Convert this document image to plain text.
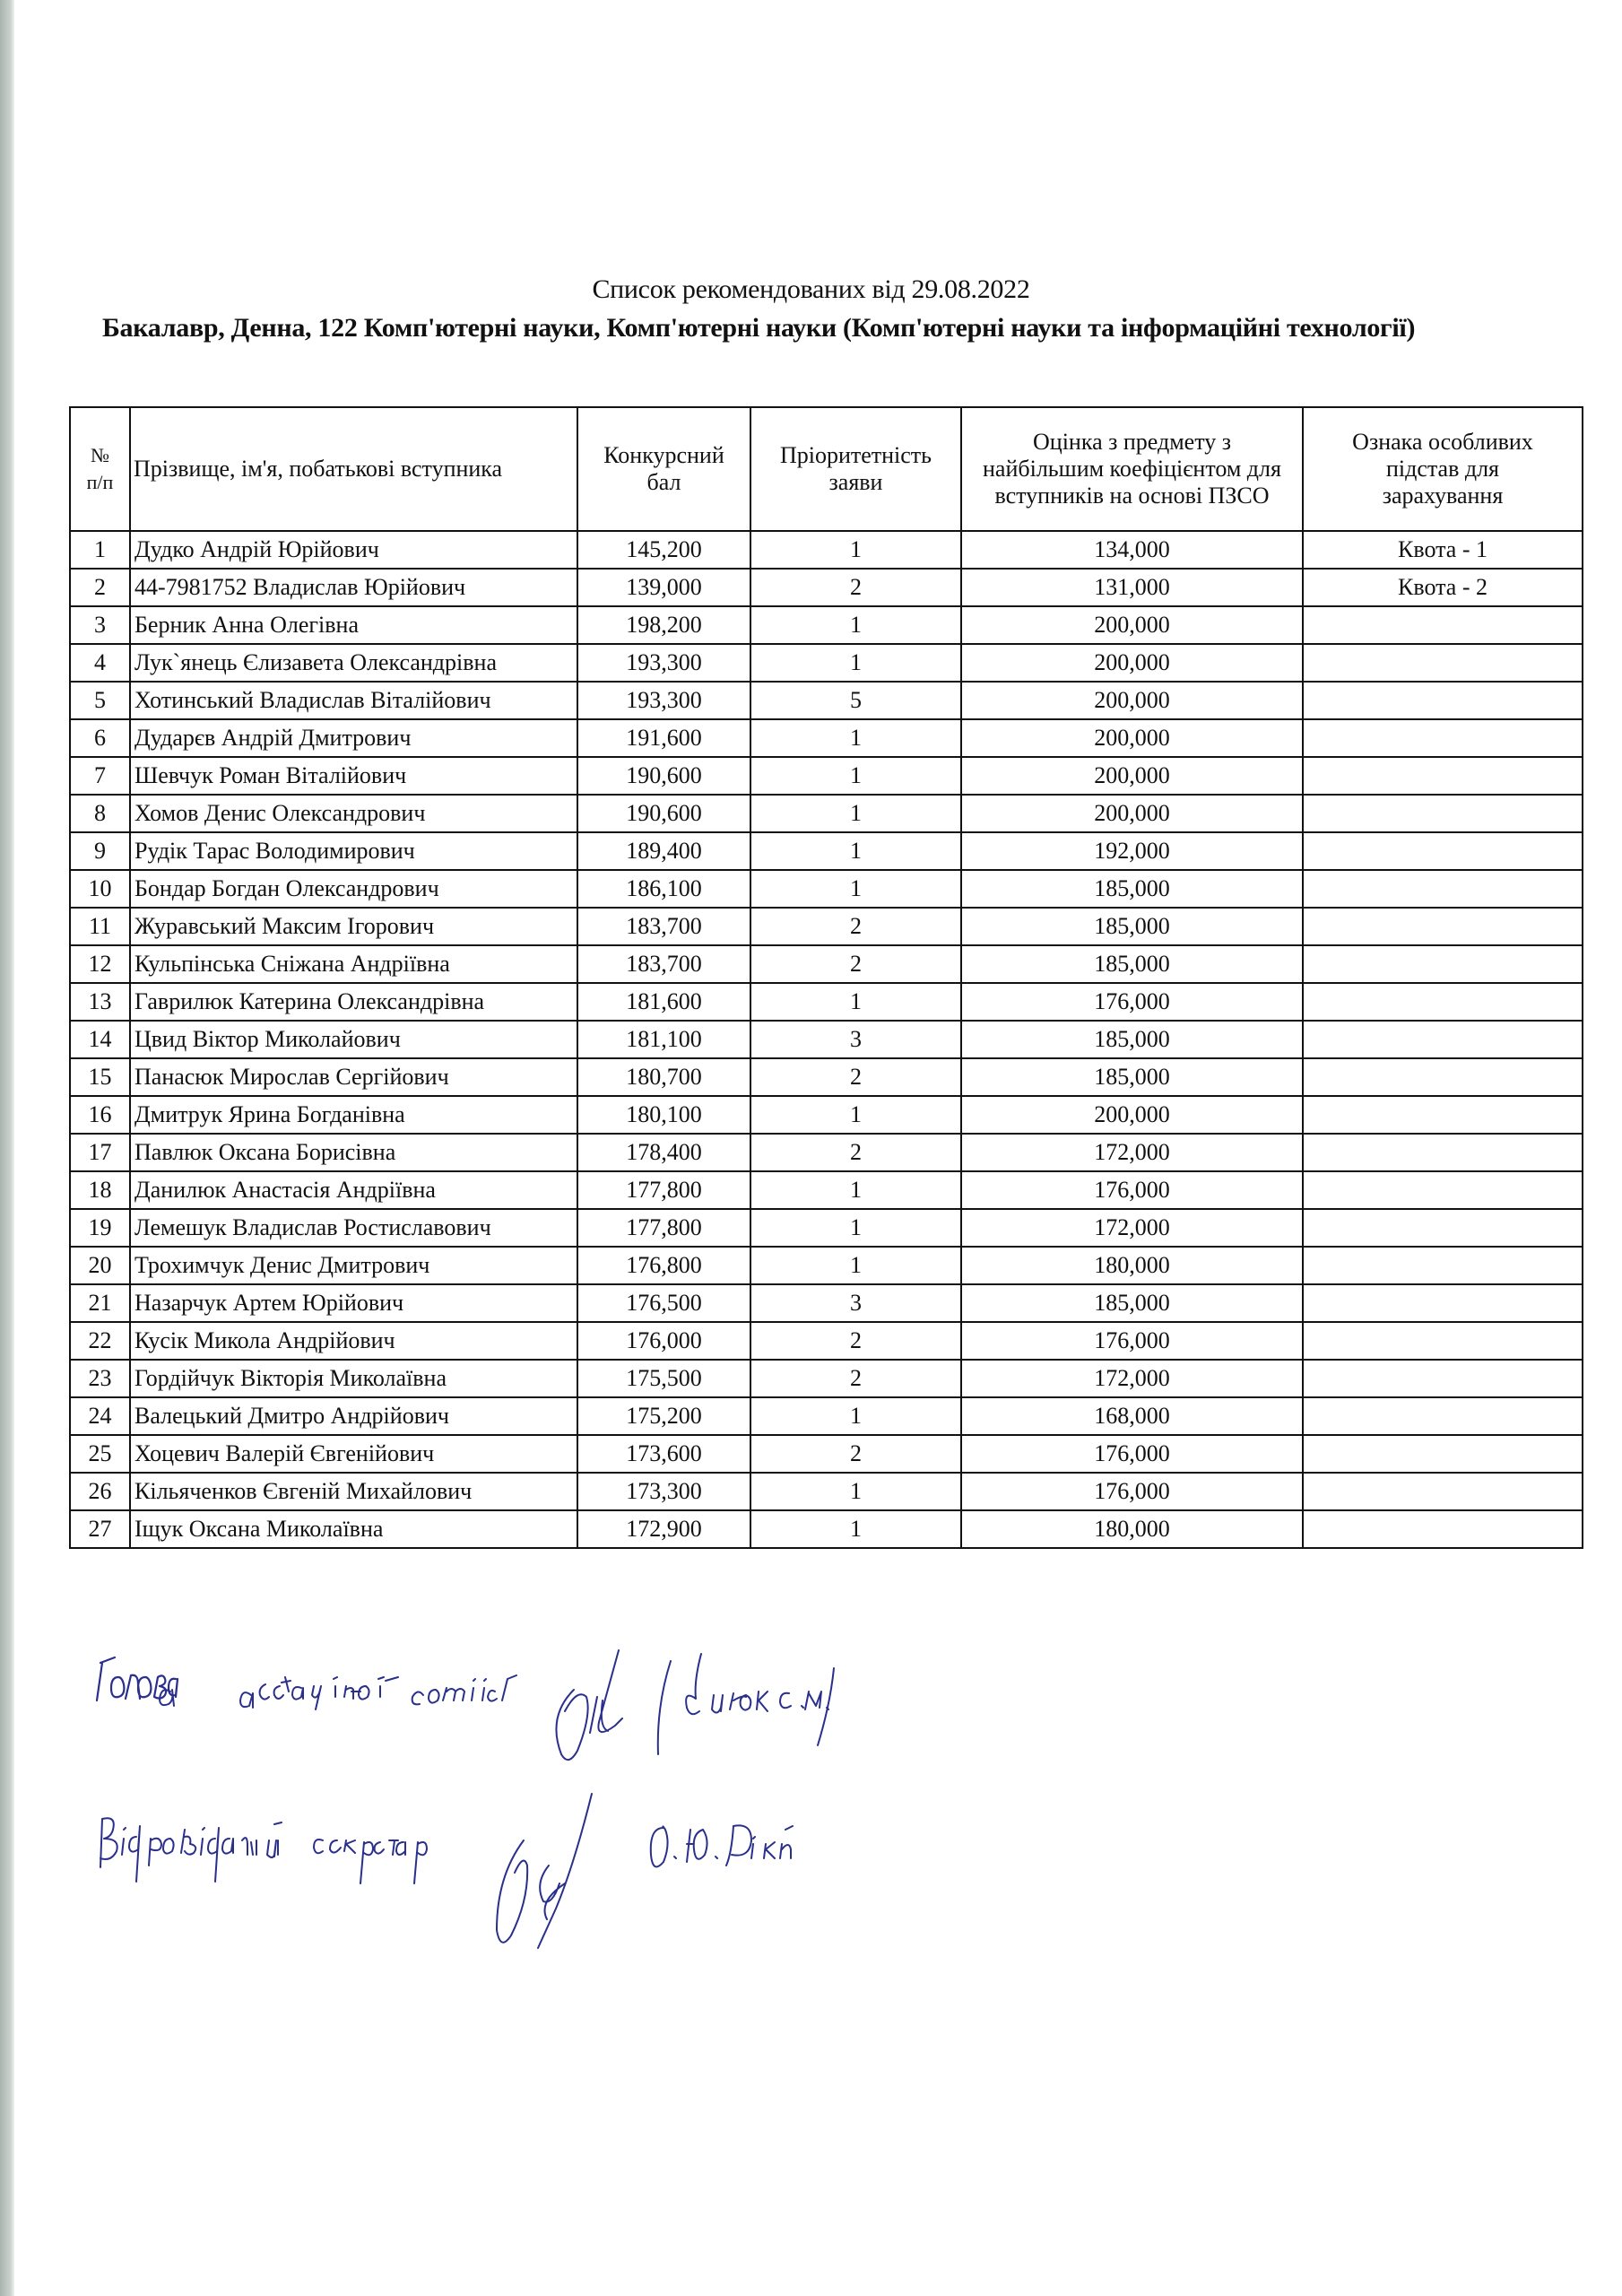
Список рекомендованих від 29.08.2022
Бакалавр, Денна, 122 Комп'ютерні науки, Комп'ютерні науки (Комп'ютерні науки та інформаційні технології)
№
п/п	Прізвище, ім'я, побатькові вступника	Конкурсний бал	Пріоритетність заяви	Оцінка з предмету з найбільшим коефіцієнтом для вступників на основі ПЗСО	Ознака особливих підстав для зарахування
1	Дудко Андрій Юрійович	145,200	1	134,000	Квота - 1
2	44-7981752 Владислав Юрійович	139,000	2	131,000	Квота - 2
3	Берник Анна Олегівна	198,200	1	200,000	
4	Лук`янець Єлизавета Олександрівна	193,300	1	200,000	
5	Хотинський Владислав Віталійович	193,300	5	200,000	
6	Дударєв Андрій Дмитрович	191,600	1	200,000	
7	Шевчук Роман Віталійович	190,600	1	200,000	
8	Хомов Денис Олександрович	190,600	1	200,000	
9	Рудік Тарас Володимирович	189,400	1	192,000	
10	Бондар Богдан Олександрович	186,100	1	185,000	
11	Журавський Максим Ігорович	183,700	2	185,000	
12	Кульпінська Сніжана Андріївна	183,700	2	185,000	
13	Гаврилюк Катерина Олександрівна	181,600	1	176,000	
14	Цвид Віктор Миколайович	181,100	3	185,000	
15	Панасюк Мирослав Сергійович	180,700	2	185,000	
16	Дмитрук Ярина Богданівна	180,100	1	200,000	
17	Павлюк Оксана Борисівна	178,400	2	172,000	
18	Данилюк Анастасія Андріївна	177,800	1	176,000	
19	Лемешук Владислав Ростиславович	177,800	1	172,000	
20	Трохимчук Денис Дмитрович	176,800	1	180,000	
21	Назарчук Артем Юрійович	176,500	3	185,000	
22	Кусік Микола Андрійович	176,000	2	176,000	
23	Гордійчук Вікторія Миколаївна	175,500	2	172,000	
24	Валецький Дмитро Андрійович	175,200	1	168,000	
25	Хоцевич Валерій Євгенійович	173,600	2	176,000	
26	Кільяченков Євгеній Михайлович	173,300	1	176,000	
27	Іщук Оксана Миколаївна	172,900	1	180,000	
